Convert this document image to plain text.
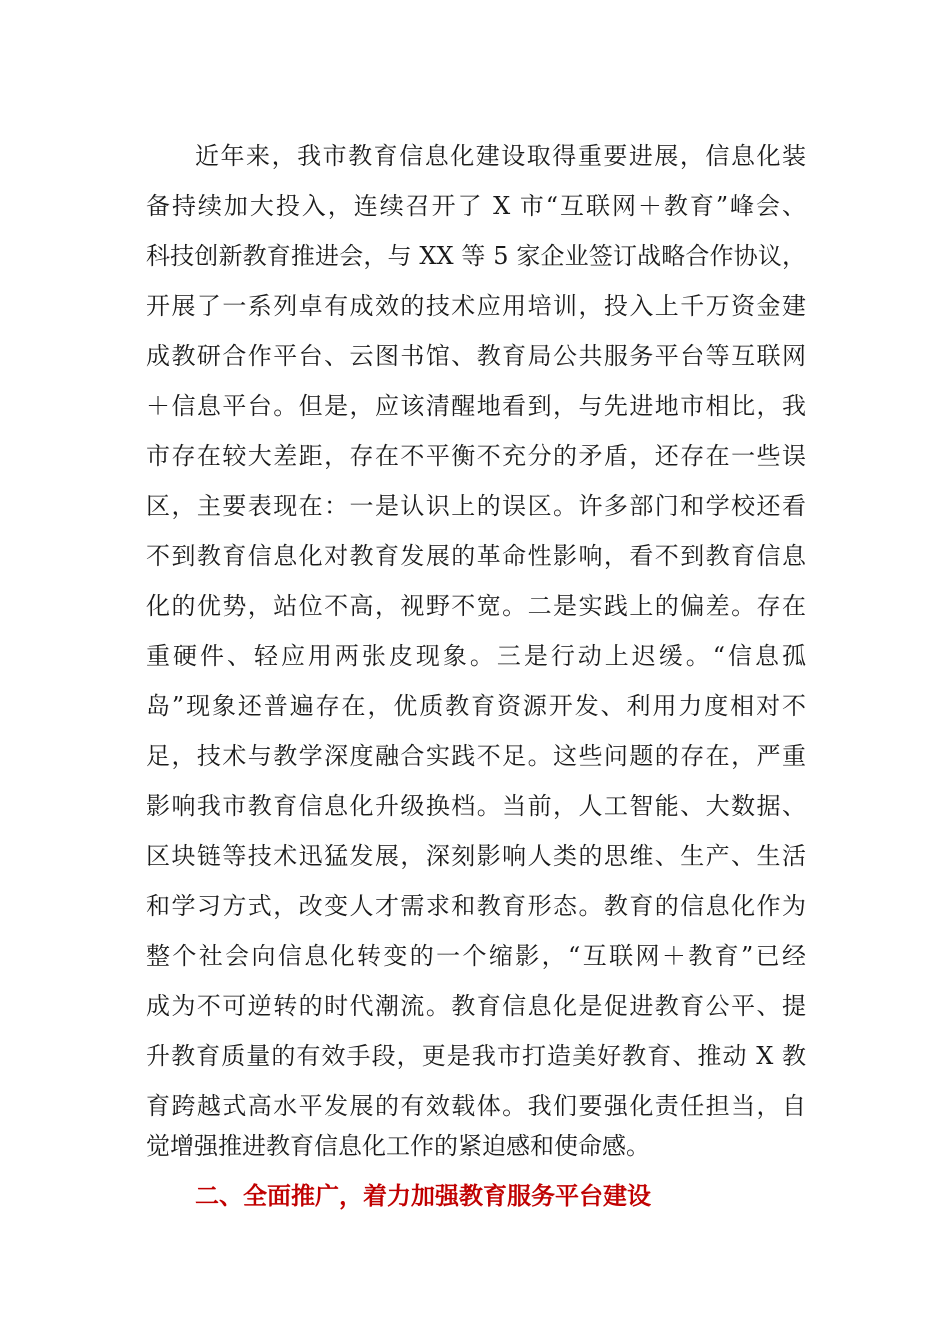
近年来，我市教育信息化建设取得重要进展，信息化装
备持续加大投入，连续召开了 X 市“互联网＋教育”峰会、
科技创新教育推进会，与 XX 等 5 家企业签订战略合作协议，
开展了一系列卓有成效的技术应用培训，投入上千万资金建
成教研合作平台、云图书馆、教育局公共服务平台等互联网
＋信息平台。但是，应该清醒地看到，与先进地市相比，我
市存在较大差距，存在不平衡不充分的矛盾，还存在一些误
区，主要表现在：一是认识上的误区。许多部门和学校还看
不到教育信息化对教育发展的革命性影响，看不到教育信息
化的优势，站位不高，视野不宽。二是实践上的偏差。存在
重硬件、轻应用两张皮现象。三是行动上迟缓。“信息孤
岛”现象还普遍存在，优质教育资源开发、利用力度相对不
足，技术与教学深度融合实践不足。这些问题的存在，严重
影响我市教育信息化升级换档。当前，人工智能、大数据、
区块链等技术迅猛发展，深刻影响人类的思维、生产、生活
和学习方式，改变人才需求和教育形态。教育的信息化作为
整个社会向信息化转变的一个缩影，“互联网＋教育”已经
成为不可逆转的时代潮流。教育信息化是促进教育公平、提
升教育质量的有效手段，更是我市打造美好教育、推动 X 教
育跨越式高水平发展的有效载体。我们要强化责任担当，自
觉增强推进教育信息化工作的紧迫感和使命感。
二、全面推广，着力加强教育服务平台建设
